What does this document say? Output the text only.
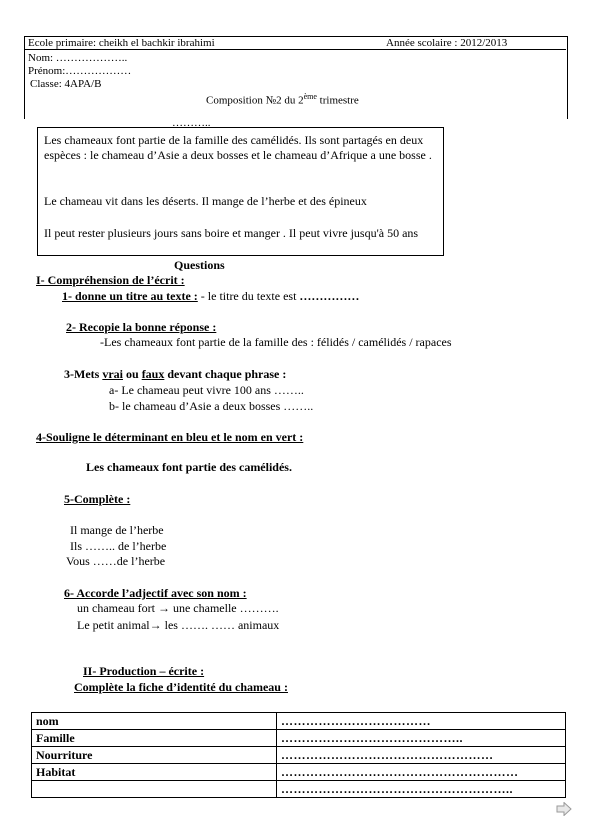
Ecole primaire: cheikh el bachkir ibrahimi	Année scolaire : 2012/2013
Nom: ………………..
Prénom:………………
Classe: 4APA/B
Composition №2 du 2ème trimestre
………..
Les chameaux font partie de la famille des camélidés. Ils sont partagés en deux espèces : le chameau d’Asie a deux bosses et le chameau d’Afrique a une bosse .
Le chameau vit dans les déserts. Il mange de l’herbe et des épineux
Il peut rester plusieurs jours sans boire et manger . Il peut vivre jusqu'à 50 ans
Questions
I- Compréhension de l’écrit :
1- donne un titre au texte : - le titre du texte est ……………
2- Recopie la bonne réponse :
-Les chameaux font partie de la famille des : félidés / camélidés / rapaces
3-Mets vrai ou faux devant chaque phrase :
a- Le chameau peut vivre 100 ans ……..
b- le chameau d’Asie a deux bosses ……..
4-Souligne le déterminant en bleu et le nom en vert :
Les chameaux font partie des camélidés.
5-Complète :
Il mange de l’herbe
Ils …….. de l’herbe
Vous ……de l’herbe
6- Accorde l’adjectif avec son nom :
un chameau fort → une chamelle ……….
Le petit animal→ les ……. …… animaux
II- Production – écrite :
Complète la fiche d’identité du chameau :
nom	………………………………
Famille	……………………………………..
Nourriture	……………………………………………
Habitat	…………………………………………………
	………………………………………………..
